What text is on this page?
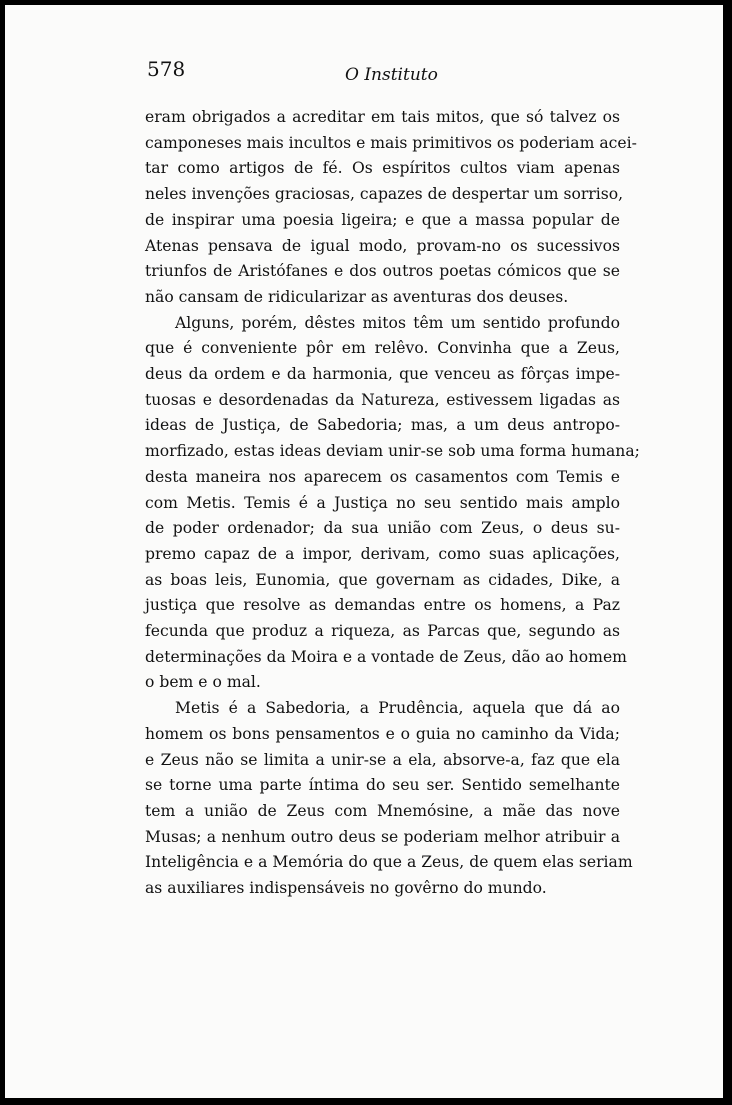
578	O Instituto
eram obrigados a acreditar em tais mitos, que só talvez os
camponeses mais incultos e mais primitivos os poderiam acei-
tar como artigos de fé. Os espíritos cultos viam apenas
neles invenções graciosas, capazes de despertar um sorriso,
de inspirar uma poesia ligeira; e que a massa popular de
Atenas pensava de igual modo, provam-no os sucessivos
triunfos de Aristófanes e dos outros poetas cómicos que se
não cansam de ridicularizar as aventuras dos deuses.
Alguns, porém, dêstes mitos têm um sentido profundo
que é conveniente pôr em relêvo. Convinha que a Zeus,
deus da ordem e da harmonia, que venceu as fôrças impe-
tuosas e desordenadas da Natureza, estivessem ligadas as
ideas de Justiça, de Sabedoria; mas, a um deus antropo-
morfizado, estas ideas deviam unir-se sob uma forma humana;
desta maneira nos aparecem os casamentos com Temis e
com Metis. Temis é a Justiça no seu sentido mais amplo
de poder ordenador; da sua união com Zeus, o deus su-
premo capaz de a impor, derivam, como suas aplicações,
as boas leis, Eunomia, que governam as cidades, Dike, a
justiça que resolve as demandas entre os homens, a Paz
fecunda que produz a riqueza, as Parcas que, segundo as
determinações da Moira e a vontade de Zeus, dão ao homem
o bem e o mal.
Metis é a Sabedoria, a Prudência, aquela que dá ao
homem os bons pensamentos e o guia no caminho da Vida;
e Zeus não se limita a unir-se a ela, absorve-a, faz que ela
se torne uma parte íntima do seu ser. Sentido semelhante
tem a união de Zeus com Mnemósine, a mãe das nove
Musas; a nenhum outro deus se poderiam melhor atribuir a
Inteligência e a Memória do que a Zeus, de quem elas seriam
as auxiliares indispensáveis no govêrno do mundo.
